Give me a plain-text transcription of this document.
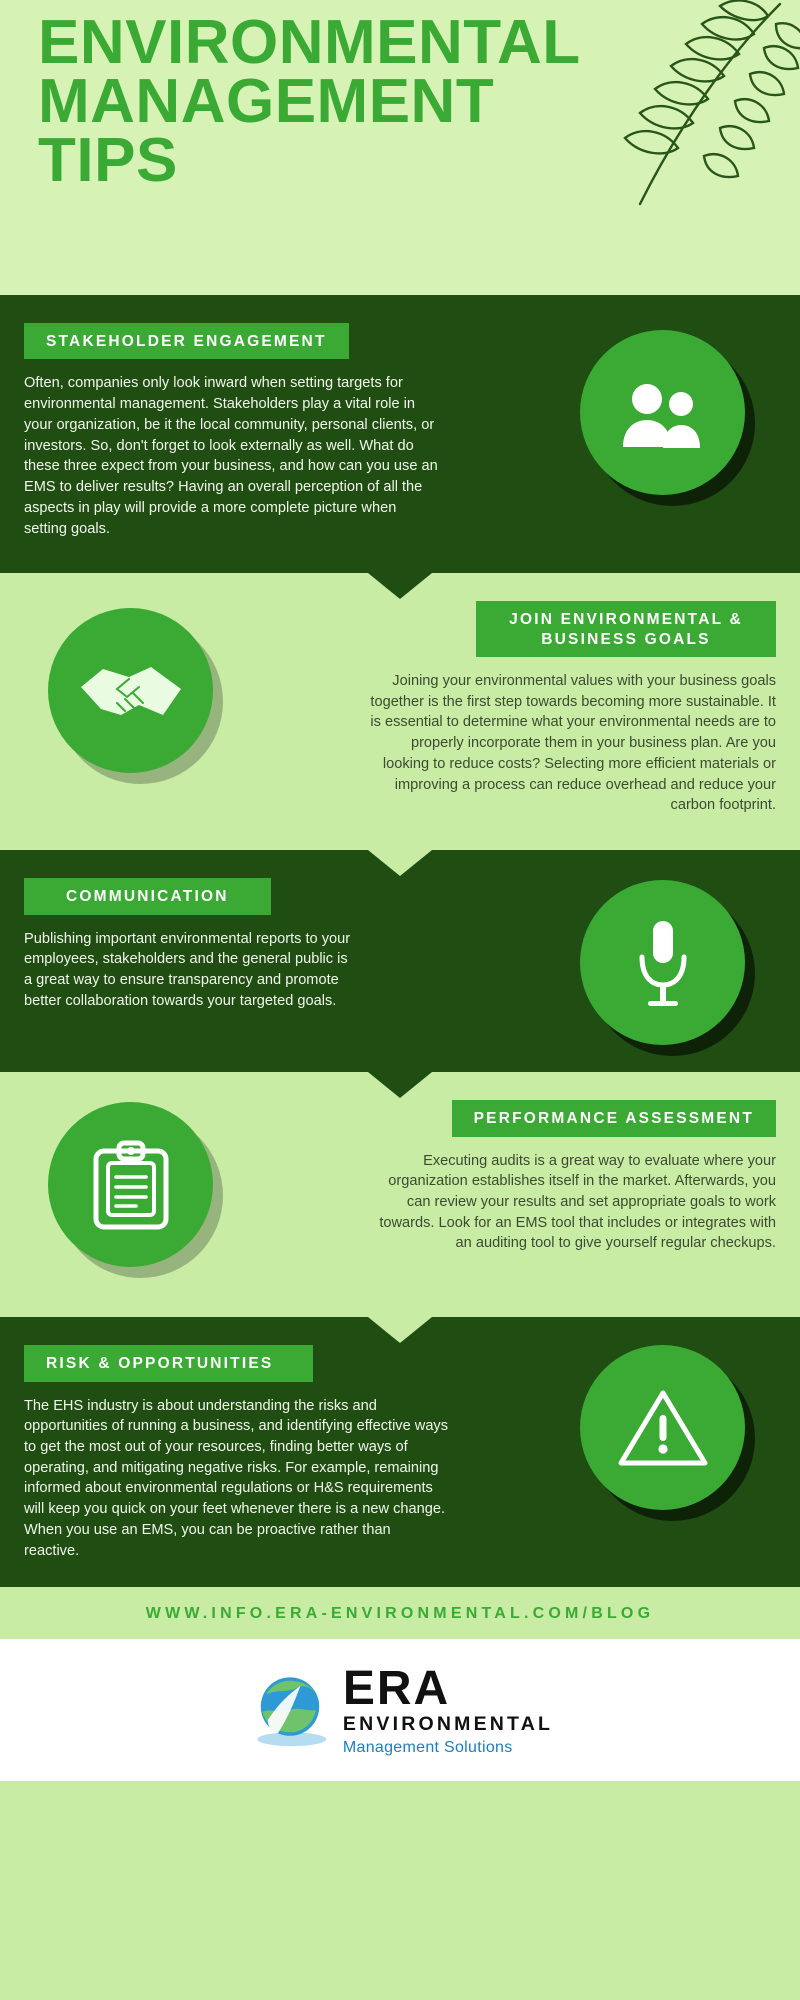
ENVIRONMENTAL MANAGEMENT TIPS
STAKEHOLDER ENGAGEMENT
Often, companies only look inward when setting targets for environmental management. Stakeholders play a vital role in your organization, be it the local community, personal clients, or investors. So, don't forget to look externally as well. What do these three expect from your business, and how can you use an EMS to deliver results? Having an overall perception of all the aspects in play will provide a more complete picture when setting goals.
JOIN ENVIRONMENTAL & BUSINESS GOALS
Joining your environmental values with your business goals together is the first step towards becoming more sustainable. It is essential to determine what your environmental needs are to properly incorporate them in your business plan. Are you looking to reduce costs? Selecting more efficient materials or improving a process can reduce overhead and reduce your carbon footprint.
COMMUNICATION
Publishing important environmental reports to your employees, stakeholders and the general public is a great way to ensure transparency and promote better collaboration towards your targeted goals.
PERFORMANCE ASSESSMENT
Executing audits is a great way to evaluate where your organization establishes itself in the market. Afterwards, you can review your results and set appropriate goals to work towards. Look for an EMS tool that includes or integrates with an auditing tool to give yourself regular checkups.
RISK & OPPORTUNITIES
The EHS industry is about understanding the risks and opportunities of running a business, and identifying effective ways to get the most out of your resources, finding better ways of operating, and mitigating negative risks. For example, remaining informed about environmental regulations or H&S requirements will keep you quick on your feet whenever there is a new change. When you use an EMS, you can be proactive rather than reactive.
WWW.INFO.ERA-ENVIRONMENTAL.COM/BLOG
ERA
ENVIRONMENTAL
Management Solutions
